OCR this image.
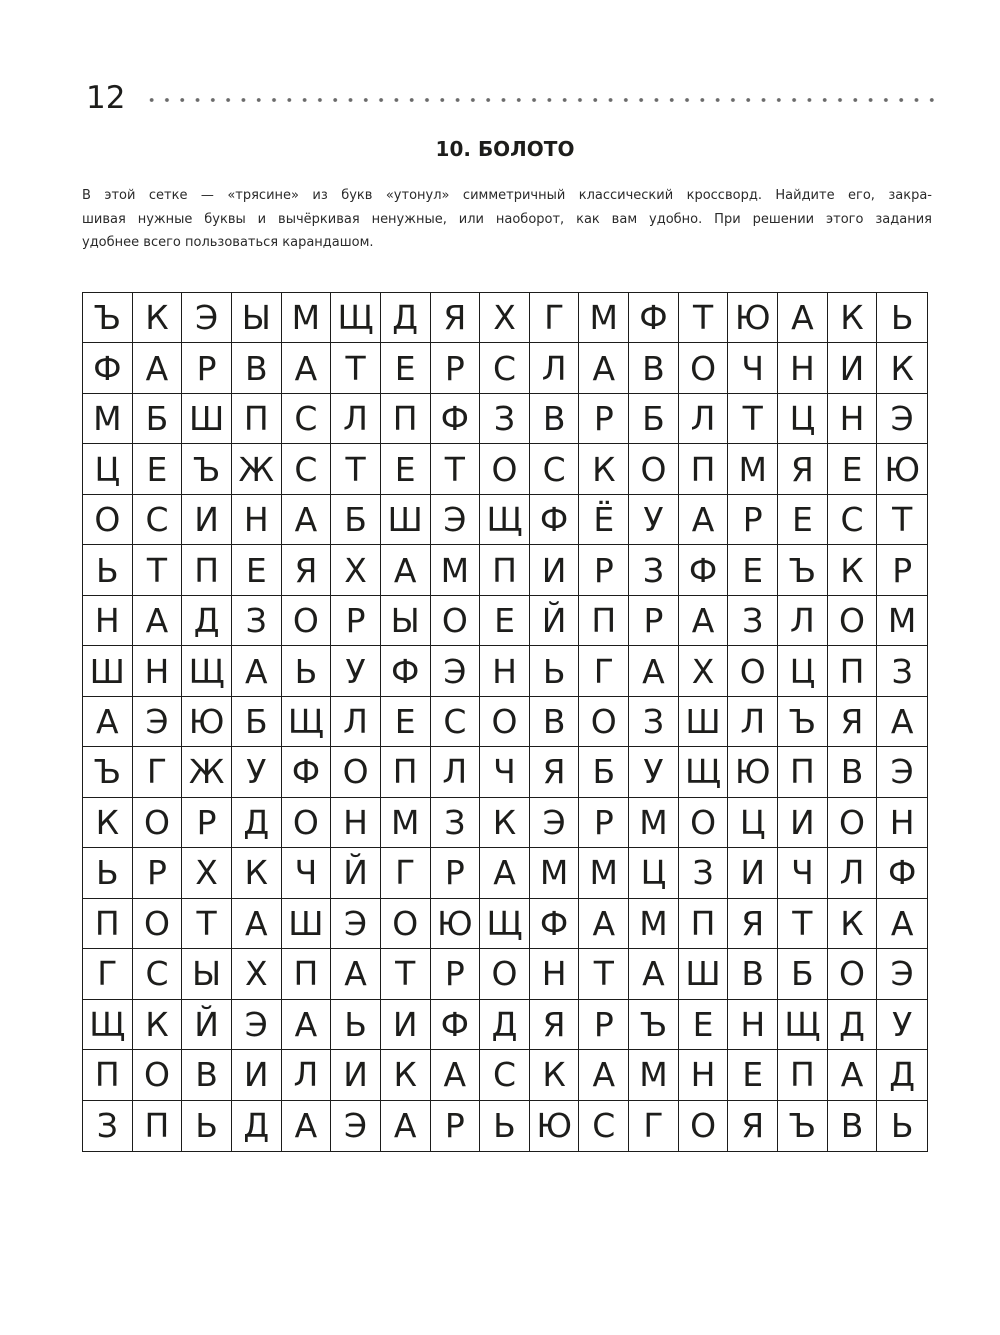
12
10. БОЛОТО
В этой сетке — «трясине» из букв «утонул» симметричный классический кроссворд. Найдите его, закра-
шивая нужные буквы и вычёркивая ненужные, или наоборот, как вам удобно. При решении этого задания
удобнее всего пользоваться карандашом.
Ъ К Э Ы М Щ Д Я Х Г М Ф Т Ю А К Ь
Ф А Р В А Т Е Р С Л А В О Ч Н И К
М Б Ш П С Л П Ф З В Р Б Л Т Ц Н Э
Ц Е Ъ Ж С Т Е Т О С К О П М Я Е Ю
О С И Н А Б Ш Э Щ Ф Ё У А Р Е С Т
Ь Т П Е Я Х А М П И Р З Ф Е Ъ К Р
Н А Д З О Р Ы О Е Й П Р А З Л О М
Ш Н Щ А Ь У Ф Э Н Ь Г А Х О Ц П З
А Э Ю Б Щ Л Е С О В О З Ш Л Ъ Я А
Ъ Г Ж У Ф О П Л Ч Я Б У Щ Ю П В Э
К О Р Д О Н М З К Э Р М О Ц И О Н
Ь Р Х К Ч Й Г Р А М М Ц З И Ч Л Ф
П О Т А Ш Э О Ю Щ Ф А М П Я Т К А
Г С Ы Х П А Т Р О Н Т А Ш В Б О Э
Щ К Й Э А Ь И Ф Д Я Р Ъ Е Н Щ Д У
П О В И Л И К А С К А М Н Е П А Д
З П Ь Д А Э А Р Ь Ю С Г О Я Ъ В Ь
